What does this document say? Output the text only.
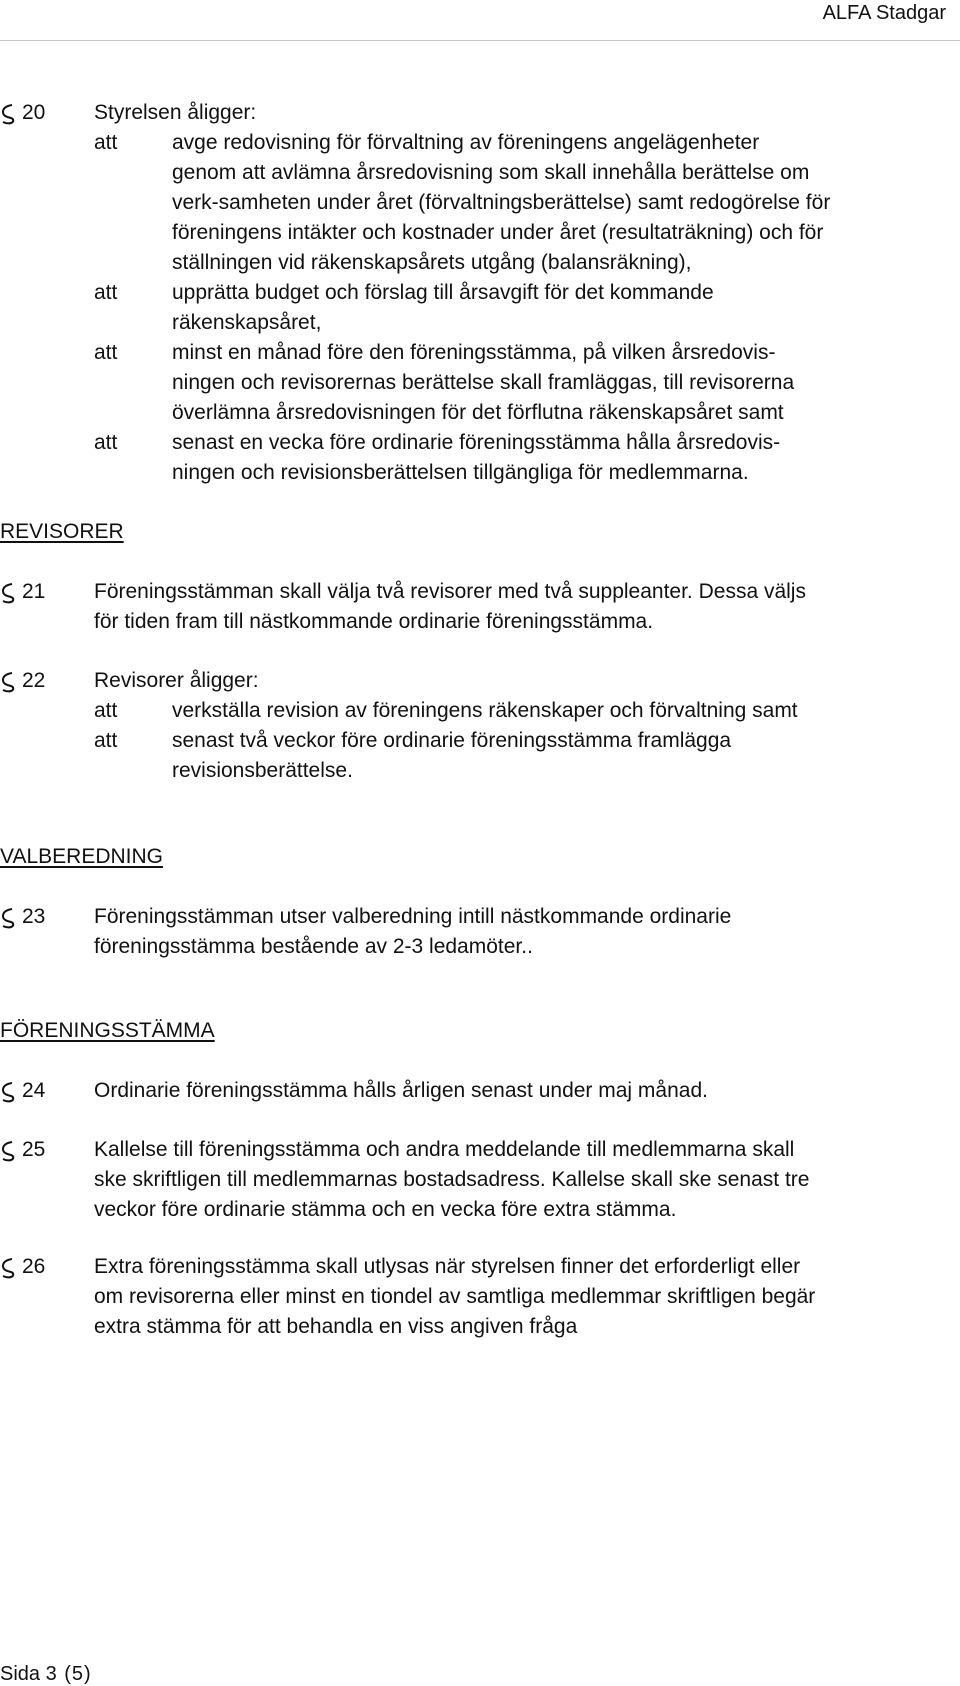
ALFA Stadgar
20	Styrelsen åligger:
att	avge redovisning för förvaltning av föreningens angelägenheter
genom att avlämna årsredovisning som skall innehålla berättelse om
verk-samheten under året (förvaltningsberättelse) samt redogörelse för
föreningens intäkter och kostnader under året (resultaträkning) och för
ställningen vid räkenskapsårets utgång (balansräkning),
att	upprätta budget och förslag till årsavgift för det kommande
räkenskapsåret,
att	minst en månad före den föreningsstämma, på vilken årsredovis-
ningen och revisorernas berättelse skall framläggas, till revisorerna
överlämna årsredovisningen för det förflutna räkenskapsåret samt
att	senast en vecka före ordinarie föreningsstämma hålla årsredovis-
ningen och revisionsberättelsen tillgängliga för medlemmarna.
REVISORER
21	Föreningsstämman skall välja två revisorer med två suppleanter. Dessa väljs
för tiden fram till nästkommande ordinarie föreningsstämma.
22	Revisorer åligger:
att	verkställa revision av föreningens räkenskaper och förvaltning samt
att	senast två veckor före ordinarie föreningsstämma framlägga
revisionsberättelse.
VALBEREDNING
23	Föreningsstämman utser valberedning intill nästkommande ordinarie
föreningsstämma bestående av 2-3 ledamöter..
FÖRENINGSSTÄMMA
24	Ordinarie föreningsstämma hålls årligen senast under maj månad.
25	Kallelse till föreningsstämma och andra meddelande till medlemmarna skall
ske skriftligen till medlemmarnas bostadsadress. Kallelse skall ske senast tre
veckor före ordinarie stämma och en vecka före extra stämma.
26	Extra föreningsstämma skall utlysas när styrelsen finner det erforderligt eller
om revisorerna eller minst en tiondel av samtliga medlemmar skriftligen begär
extra stämma för att behandla en viss angiven fråga
Sida 3 (5)
